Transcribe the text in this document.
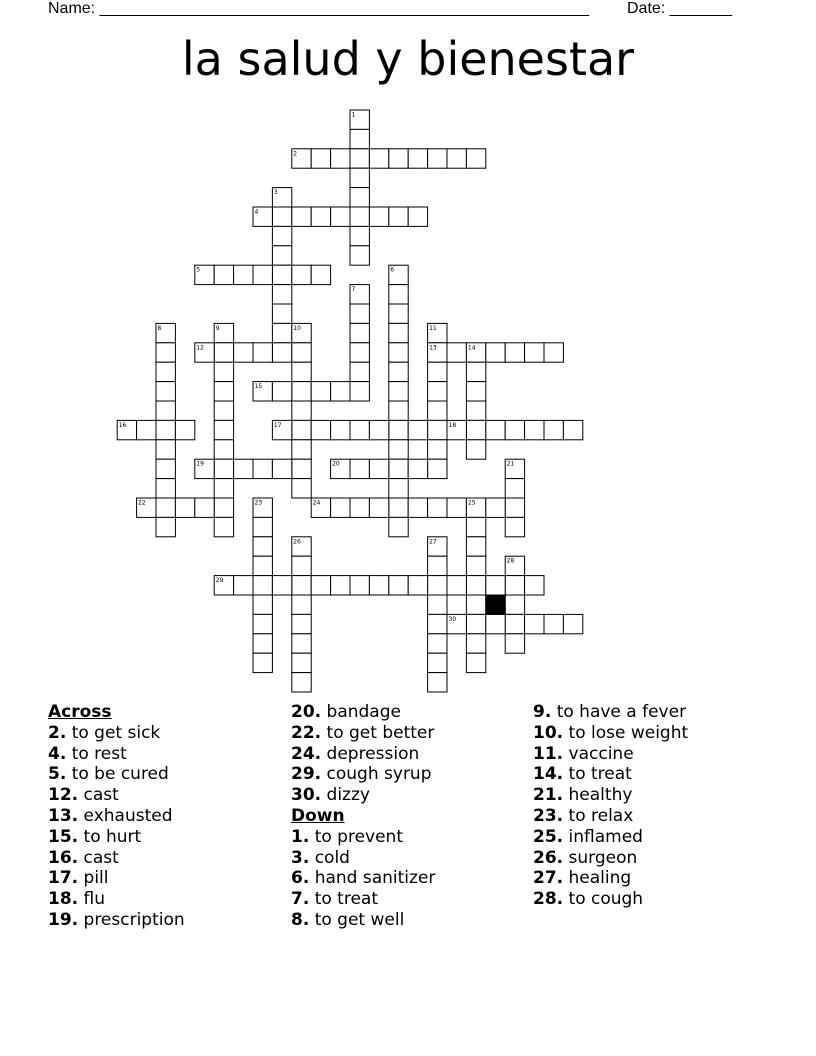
Name: _______________________________________________________ Date: _______
la salud y bienestar
1
2
3
4
5	6
7
8	9	10	11
12	13	14
15
16	17	18
19	20	21
22	23	24	25
26	27
28
29
30
Across
2. to get sick
4. to rest
5. to be cured
12. cast
13. exhausted
15. to hurt
16. cast
17. pill
18. flu
19. prescription
20. bandage
22. to get better
24. depression
29. cough syrup
30. dizzy
Down
1. to prevent
3. cold
6. hand sanitizer
7. to treat
8. to get well
9. to have a fever
10. to lose weight
11. vaccine
14. to treat
21. healthy
23. to relax
25. inflamed
26. surgeon
27. healing
28. to cough
